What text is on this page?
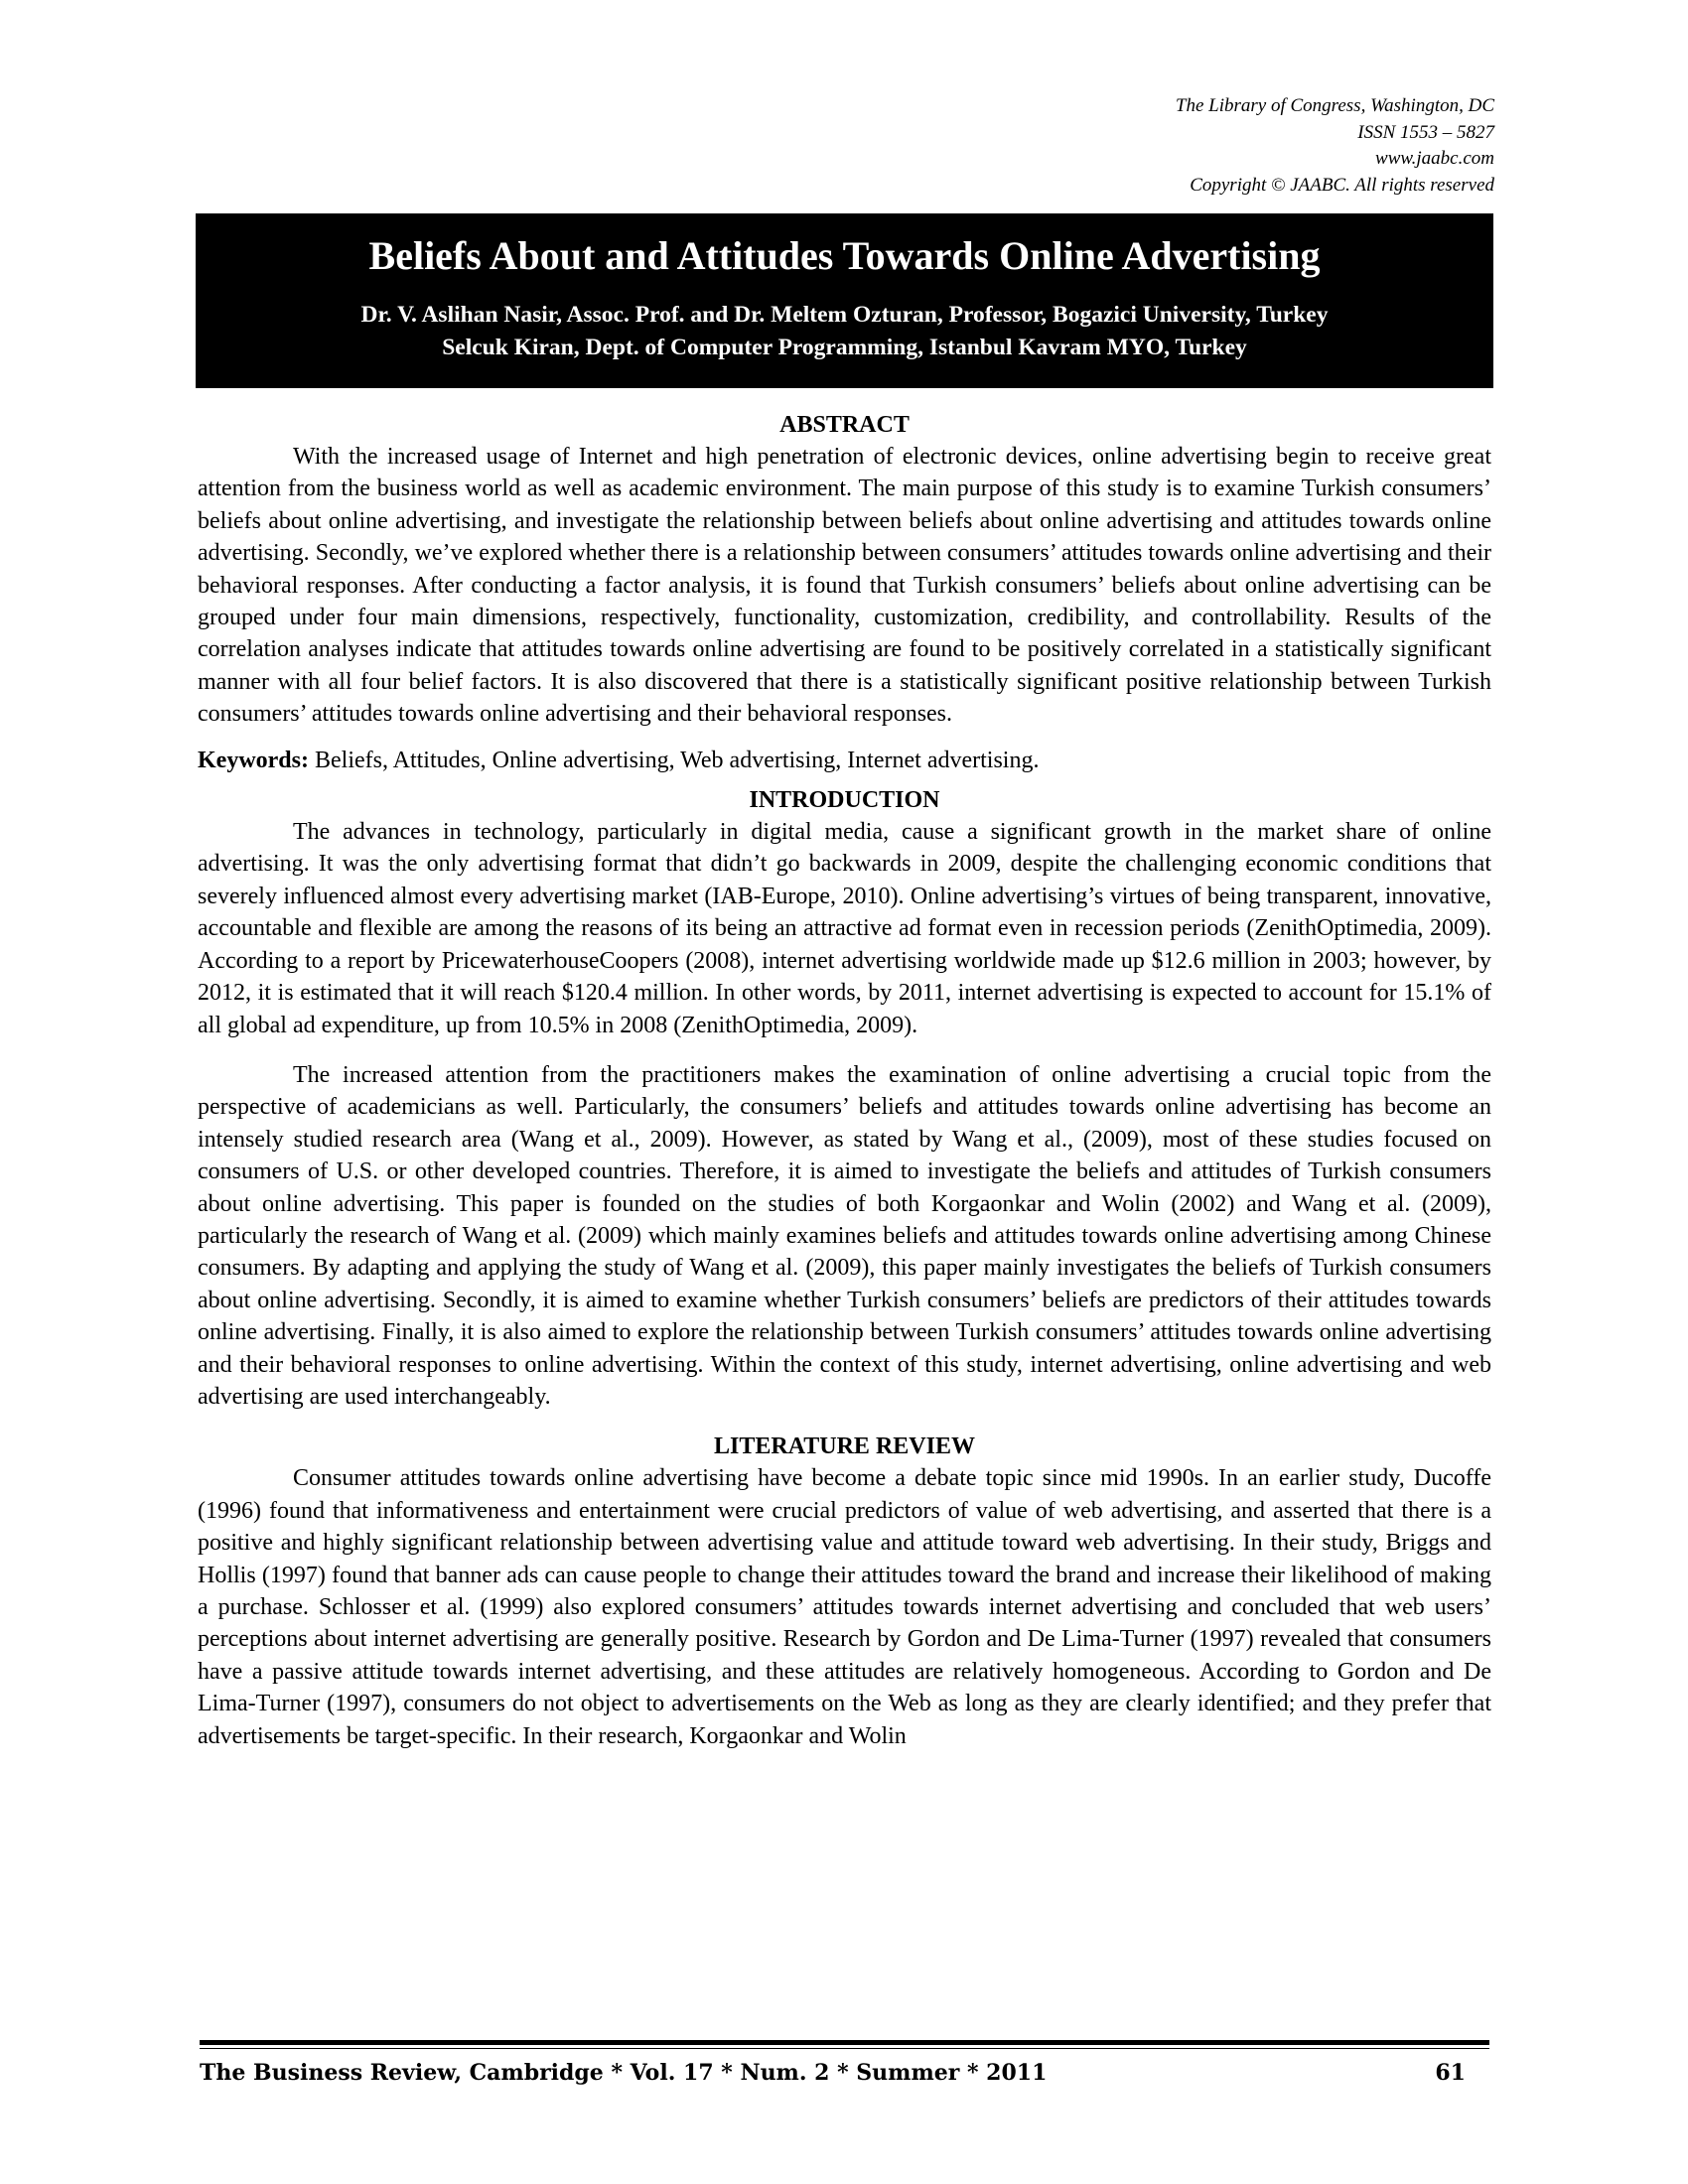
The Library of Congress, Washington, DC
ISSN 1553 – 5827
www.jaabc.com
Copyright © JAABC. All rights reserved
Beliefs About and Attitudes Towards Online Advertising
Dr. V. Aslihan Nasir, Assoc. Prof. and Dr. Meltem Ozturan, Professor, Bogazici University, Turkey
Selcuk Kiran, Dept. of Computer Programming, Istanbul Kavram MYO, Turkey
ABSTRACT

With the increased usage of Internet and high penetration of electronic devices, online advertising begin to receive great attention from the business world as well as academic environment. The main purpose of this study is to examine Turkish consumers’ beliefs about online advertising, and investigate the relationship between beliefs about online advertising and attitudes towards online advertising. Secondly, we’ve explored whether there is a relationship between consumers’ attitudes towards online advertising and their behavioral responses. After conducting a factor analysis, it is found that Turkish consumers’ beliefs about online advertising can be grouped under four main dimensions, respectively, functionality, customization, credibility, and controllability. Results of the correlation analyses indicate that attitudes towards online advertising are found to be positively correlated in a statistically significant manner with all four belief factors. It is also discovered that there is a statistically significant positive relationship between Turkish consumers’ attitudes towards online advertising and their behavioral responses.

Keywords: Beliefs, Attitudes, Online advertising, Web advertising, Internet advertising.

INTRODUCTION

The advances in technology, particularly in digital media, cause a significant growth in the market share of online advertising. It was the only advertising format that didn’t go backwards in 2009, despite the challenging economic conditions that severely influenced almost every advertising market (IAB-Europe, 2010). Online advertising’s virtues of being transparent, innovative, accountable and flexible are among the reasons of its being an attractive ad format even in recession periods (ZenithOptimedia, 2009). According to a report by PricewaterhouseCoopers (2008), internet advertising worldwide made up $12.6 million in 2003; however, by 2012, it is estimated that it will reach $120.4 million. In other words, by 2011, internet advertising is expected to account for 15.1% of all global ad expenditure, up from 10.5% in 2008 (ZenithOptimedia, 2009).

The increased attention from the practitioners makes the examination of online advertising a crucial topic from the perspective of academicians as well. Particularly, the consumers’ beliefs and attitudes towards online advertising has become an intensely studied research area (Wang et al., 2009). However, as stated by Wang et al., (2009), most of these studies focused on consumers of U.S. or other developed countries. Therefore, it is aimed to investigate the beliefs and attitudes of Turkish consumers about online advertising. This paper is founded on the studies of both Korgaonkar and Wolin (2002) and Wang et al. (2009), particularly the research of Wang et al. (2009) which mainly examines beliefs and attitudes towards online advertising among Chinese consumers. By adapting and applying the study of Wang et al. (2009), this paper mainly investigates the beliefs of Turkish consumers about online advertising. Secondly, it is aimed to examine whether Turkish consumers’ beliefs are predictors of their attitudes towards online advertising. Finally, it is also aimed to explore the relationship between Turkish consumers’ attitudes towards online advertising and their behavioral responses to online advertising. Within the context of this study, internet advertising, online advertising and web advertising are used interchangeably.

LITERATURE REVIEW

Consumer attitudes towards online advertising have become a debate topic since mid 1990s. In an earlier study, Ducoffe (1996) found that informativeness and entertainment were crucial predictors of value of web advertising, and asserted that there is a positive and highly significant relationship between advertising value and attitude toward web advertising. In their study, Briggs and Hollis (1997) found that banner ads can cause people to change their attitudes toward the brand and increase their likelihood of making a purchase. Schlosser et al. (1999) also explored consumers’ attitudes towards internet advertising and concluded that web users’ perceptions about internet advertising are generally positive. Research by Gordon and De Lima-Turner (1997) revealed that consumers have a passive attitude towards internet advertising, and these attitudes are relatively homogeneous. According to Gordon and De Lima-Turner (1997), consumers do not object to advertisements on the Web as long as they are clearly identified; and they prefer that advertisements be target-specific. In their research, Korgaonkar and Wolin

The Business Review, Cambridge * Vol. 17 * Num. 2 * Summer * 2011	61
